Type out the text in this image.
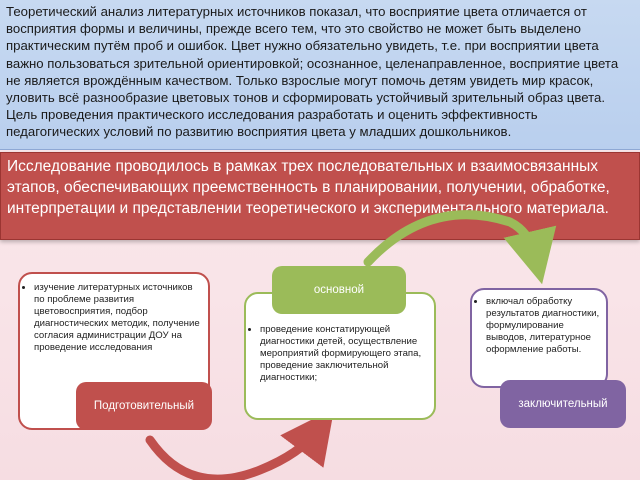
Теоретический анализ литературных источников показал, что восприятие цвета отличается от восприятия формы и величины, прежде всего тем, что это свойство не может быть выделено практическим путём проб и ошибок. Цвет нужно обязательно увидеть, т.е. при восприятии цвета важно пользоваться зрительной ориентировкой; осознанное, целенаправленное, восприятие цвета не является врождённым качеством. Только взрослые могут помочь детям увидеть мир красок, уловить всё разнообразие цветовых тонов и сформировать устойчивый зрительный образ цвета. Цель проведения практического исследования разработать и оценить эффективность педагогических условий по развитию восприятия цвета у младших дошкольников.

Исследование проводилось в рамках трех последовательных и взаимосвязанных этапов, обеспечивающих преемственность в планировании, получении, обработке, интерпретации и представлении теоретического и экспериментального материала.

• изучение литературных источников по проблеме развития цветовосприятия, подбор диагностических методик, получение согласия администрации ДОУ на проведение исследования
Подготовительный
• проведение констатирующей диагностики детей, осуществление мероприятий формирующего этапа, проведение заключительной диагностики;
основной
• включал обработку результатов диагностики, формулирование выводов, литературное оформление работы.
заключительный
